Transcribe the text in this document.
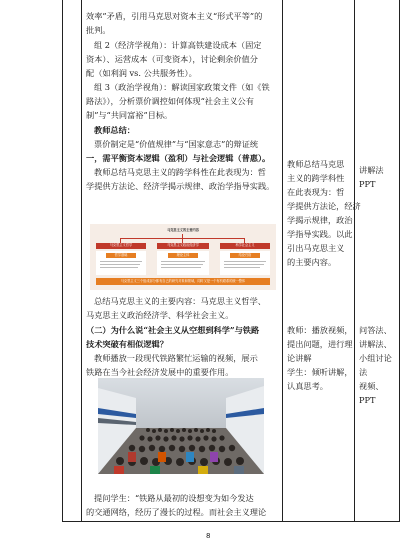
效率”矛盾，引用马克思对资本主义“形式平等”的
批判。
组 2（经济学视角）：计算高铁建设成本（固定
资本）、运营成本（可变资本），讨论剩余价值分
配（如利润 vs. 公共服务性）。
组 3（政治学视角）：解读国家政策文件（如《铁
路法》），分析票价调控如何体现“社会主义公有
制”与“共同富裕”目标。
教师总结：
票价制定是“价值规律”与“国家意志”的辩证统
一，需平衡资本逻辑（盈利）与社会逻辑（普惠）。
教师总结马克思主义的跨学科性在此表现为：哲
学提供方法论、经济学揭示规律、政治学指导实践。
马克思主义的主要内容
马克思主义哲学	马克思主义政治经济学	科学社会主义
哲学基础	理论主体	结论归宿
马克思主义三个组成部分都有自己的研究对象和领域，同时又是一个有机联系的统一整体
总结马克思主义的主要内容：马克思主义哲学、
马克思主义政治经济学、科学社会主义。
（二）为什么说“社会主义从空想到科学”与铁路
技术突破有相似逻辑？
教师播放一段现代铁路繁忙运输的视频，展示
铁路在当今社会经济发展中的重要作用。
提问学生：“铁路从最初的设想变为如今发达
的交通网络，经历了漫长的过程。而社会主义理论
教师总结马克思
主义的跨学科性
在此表现为：哲
学提供方法论，经济
学揭示规律，政治
学指导实践。以此
引出马克思主义
的主要内容。
教师：播放视频，
提出问题，进行理
论讲解
学生：倾听讲解，
认真思考。
讲解法
PPT
问答法、
讲解法、
小组讨论
法
视频、
PPT
8
